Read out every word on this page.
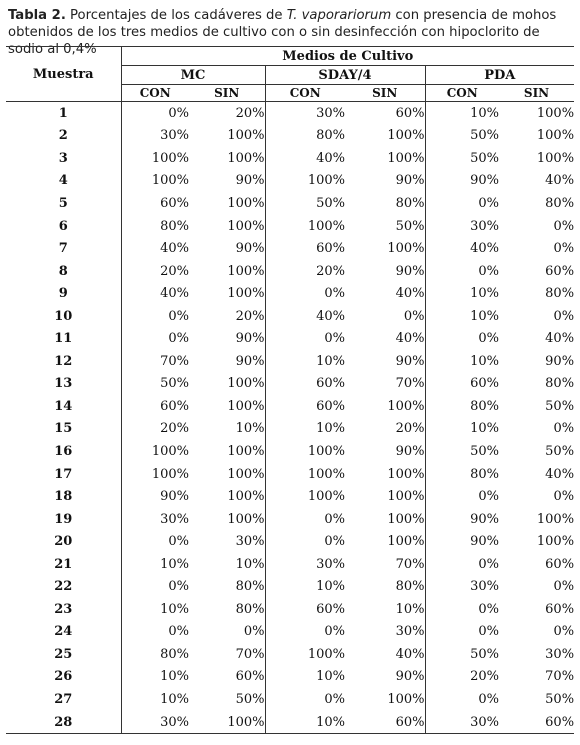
Tabla 2. Porcentajes de los cadáveres de T. vaporariorum con presencia de mohos obtenidos de los tres medios de cultivo con o sin desinfección con hipoclorito de sodio al 0,4%
Muestra	Medios de Cultivo					
	MC		SDAY/4		PDA	
	CON	SIN	CON	SIN	CON	SIN
1	0%	20%	30%	60%	10%	100%
2	30%	100%	80%	100%	50%	100%
3	100%	100%	40%	100%	50%	100%
4	100%	90%	100%	90%	90%	40%
5	60%	100%	50%	80%	0%	80%
6	80%	100%	100%	50%	30%	0%
7	40%	90%	60%	100%	40%	0%
8	20%	100%	20%	90%	0%	60%
9	40%	100%	0%	40%	10%	80%
10	0%	20%	40%	0%	10%	0%
11	0%	90%	0%	40%	0%	40%
12	70%	90%	10%	90%	10%	90%
13	50%	100%	60%	70%	60%	80%
14	60%	100%	60%	100%	80%	50%
15	20%	10%	10%	20%	10%	0%
16	100%	100%	100%	90%	50%	50%
17	100%	100%	100%	100%	80%	40%
18	90%	100%	100%	100%	0%	0%
19	30%	100%	0%	100%	90%	100%
20	0%	30%	0%	100%	90%	100%
21	10%	10%	30%	70%	0%	60%
22	0%	80%	10%	80%	30%	0%
23	10%	80%	60%	10%	0%	60%
24	0%	0%	0%	30%	0%	0%
25	80%	70%	100%	40%	50%	30%
26	10%	60%	10%	90%	20%	70%
27	10%	50%	0%	100%	0%	50%
28	30%	100%	10%	60%	30%	60%
